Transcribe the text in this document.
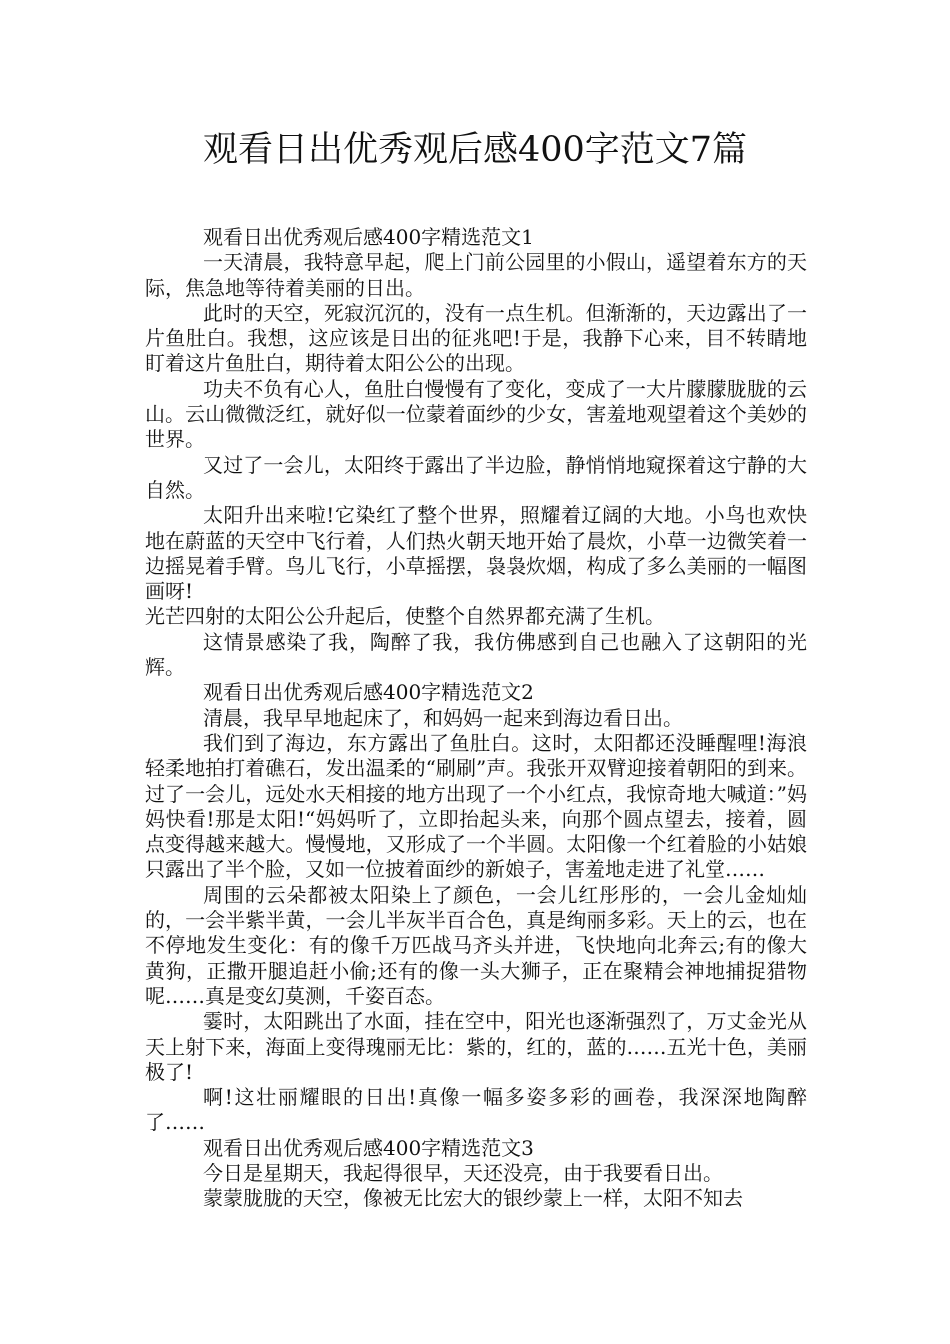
观看日出优秀观后感400字范文7篇

观看日出优秀观后感400字精选范文1

一天清晨，我特意早起，爬上门前公园里的小假山，遥望着东方的天际，焦急地等待着美丽的日出。

此时的天空，死寂沉沉的，没有一点生机。但渐渐的，天边露出了一片鱼肚白。我想，这应该是日出的征兆吧!于是，我静下心来，目不转睛地盯着这片鱼肚白，期待着太阳公公的出现。

功夫不负有心人，鱼肚白慢慢有了变化，变成了一大片朦朦胧胧的云山。云山微微泛红，就好似一位蒙着面纱的少女，害羞地观望着这个美妙的世界。

又过了一会儿，太阳终于露出了半边脸，静悄悄地窥探着这宁静的大自然。

太阳升出来啦!它染红了整个世界，照耀着辽阔的大地。小鸟也欢快地在蔚蓝的天空中飞行着，人们热火朝天地开始了晨炊，小草一边微笑着一边摇晃着手臂。鸟儿飞行，小草摇摆，袅袅炊烟，构成了多么美丽的一幅图画呀!

光芒四射的太阳公公升起后，使整个自然界都充满了生机。

这情景感染了我，陶醉了我，我仿佛感到自己也融入了这朝阳的光辉。

观看日出优秀观后感400字精选范文2

清晨，我早早地起床了，和妈妈一起来到海边看日出。

我们到了海边，东方露出了鱼肚白。这时，太阳都还没睡醒哩!海浪轻柔地拍打着礁石，发出温柔的“刷刷”声。我张开双臂迎接着朝阳的到来。过了一会儿，远处水天相接的地方出现了一个小红点，我惊奇地大喊道：”妈妈快看!那是太阳!“妈妈听了，立即抬起头来，向那个圆点望去，接着，圆点变得越来越大。慢慢地，又形成了一个半圆。太阳像一个红着脸的小姑娘只露出了半个脸，又如一位披着面纱的新娘子，害羞地走进了礼堂……

周围的云朵都被太阳染上了颜色，一会儿红彤彤的，一会儿金灿灿的，一会半紫半黄，一会儿半灰半百合色，真是绚丽多彩。天上的云，也在不停地发生变化：有的像千万匹战马齐头并进，飞快地向北奔云;有的像大黄狗，正撒开腿追赶小偷;还有的像一头大狮子，正在聚精会神地捕捉猎物呢……真是变幻莫测，千姿百态。

霎时，太阳跳出了水面，挂在空中，阳光也逐渐强烈了，万丈金光从天上射下来，海面上变得瑰丽无比：紫的，红的，蓝的……五光十色，美丽极了!

啊!这壮丽耀眼的日出!真像一幅多姿多彩的画卷，我深深地陶醉了……

观看日出优秀观后感400字精选范文3

今日是星期天，我起得很早，天还没亮，由于我要看日出。

蒙蒙胧胧的天空，像被无比宏大的银纱蒙上一样，太阳不知去
